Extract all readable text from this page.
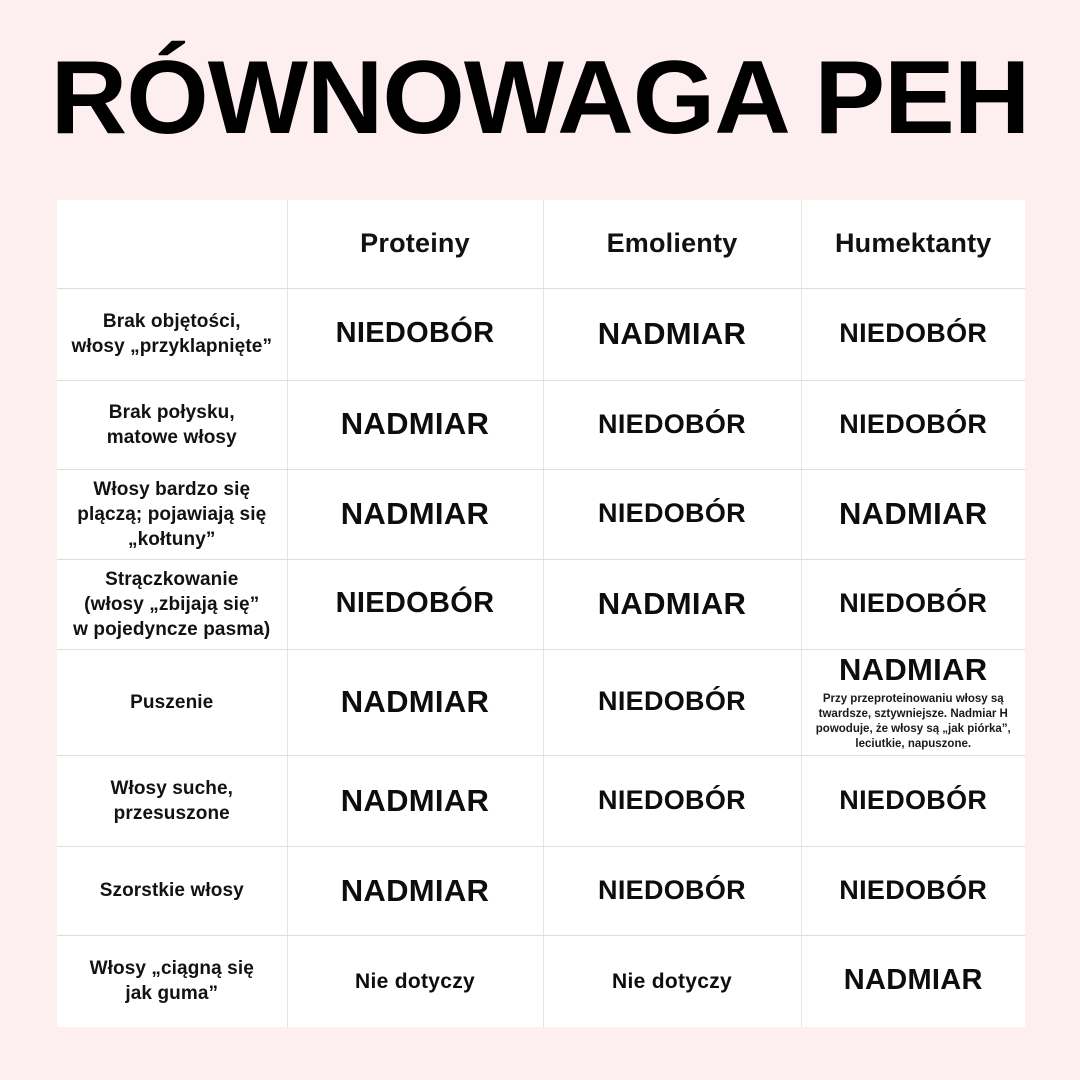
RÓWNOWAGA PEH
	Proteiny	Emolienty	Humektanty

Brak objętości,
włosy „przyklapnięte”	NIEDOBÓR	NADMIAR	NIEDOBÓR

Brak połysku,
matowe włosy	NADMIAR	NIEDOBÓR	NIEDOBÓR

Włosy bardzo się
plączą; pojawiają się
„kołtuny”	NADMIAR	NIEDOBÓR	NADMIAR

Strączkowanie
(włosy „zbijają się”
w pojedyncze pasma)	NIEDOBÓR	NADMIAR	NIEDOBÓR

Puszenie	NADMIAR	NIEDOBÓR	NADMIAR
Przy przeproteinowaniu włosy są twardsze, sztywniejsze. Nadmiar H powoduje, że włosy są „jak piórka”, leciutkie, napuszone.

Włosy suche,
przesuszone	NADMIAR	NIEDOBÓR	NIEDOBÓR

Szorstkie włosy	NADMIAR	NIEDOBÓR	NIEDOBÓR

Włosy „ciągną się
jak guma”	Nie dotyczy	Nie dotyczy	NADMIAR
